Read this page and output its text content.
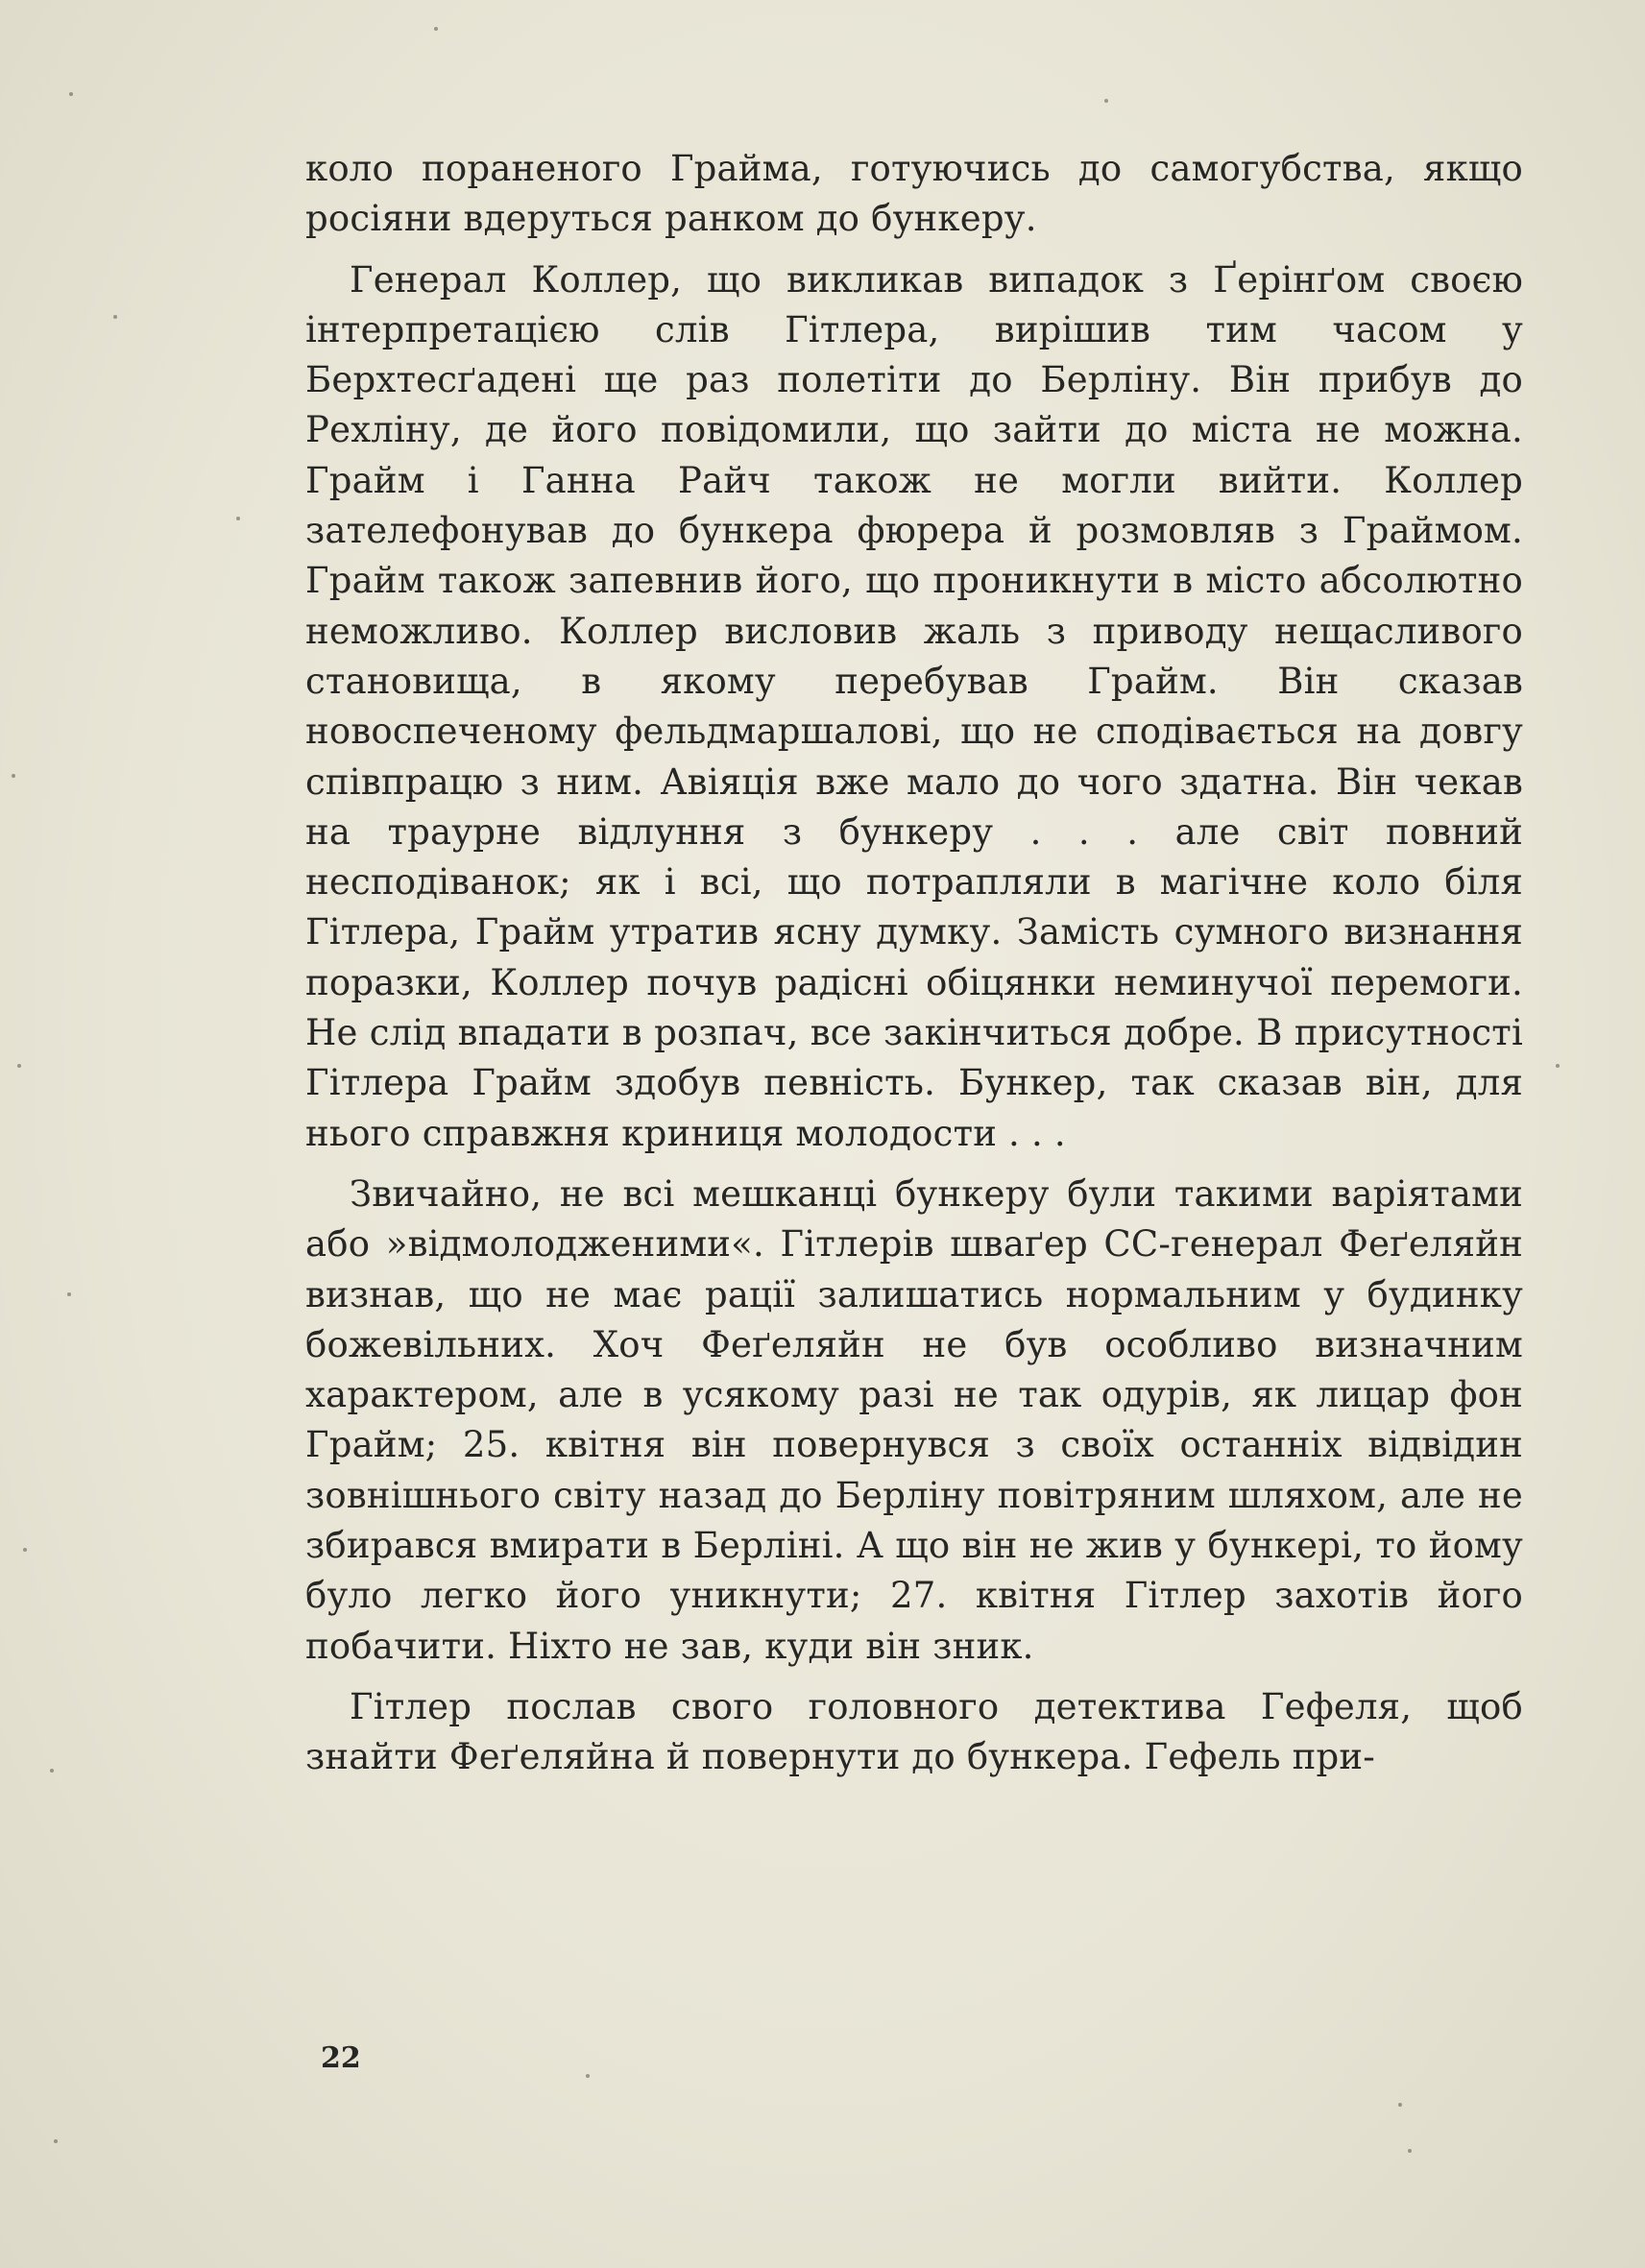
коло пораненого Грайма, готуючись до самогубства, якщо росіяни вдеруться ранком до бункеру.

Генерал Коллер, що викликав випадок з Ґерінґом своєю інтерпретацією слів Гітлера, вирішив тим часом у Берхтесґадені ще раз полетіти до Берліну. Він прибув до Рехліну, де його повідомили, що зайти до міста не можна. Грайм і Ганна Райч також не могли вийти. Коллер зателефонував до бункера фюрера й розмовляв з Граймом. Грайм також запевнив його, що проникнути в місто абсолютно неможливо. Коллер висловив жаль з приводу нещасливого становища, в якому перебував Грайм. Він сказав новоспеченому фельдмаршалові, що не сподівається на довгу співпрацю з ним. Авіяція вже мало до чого здатна. Він чекав на траурне відлуння з бункеру . . . але світ повний несподіванок; як і всі, що потрапляли в магічне коло біля Гітлера, Грайм утратив ясну думку. Замість сумного визнання поразки, Коллер почув радісні обіцянки неминучої перемоги. Не слід впадати в розпач, все закінчиться добре. В присутності Гітлера Грайм здобув певність. Бункер, так сказав він, для нього справжня криниця молодости . . .

Звичайно, не всі мешканці бункеру були такими варіятами або »відмолодженими«. Гітлерів шваґер СС-генерал Феґеляйн визнав, що не має рації залишатись нормальним у будинку божевільних. Хоч Феґеляйн не був особливо визначним характером, але в усякому разі не так одурів, як лицар фон Грайм; 25. квітня він повернувся з своїх останніх відвідин зовнішнього світу назад до Берліну повітряним шляхом, але не збирався вмирати в Берліні. А що він не жив у бункері, то йому було легко його уникнути; 27. квітня Гітлер захотів його побачити. Ніхто не зав, куди він зник.

Гітлер послав свого головного детектива Гефеля, щоб знайти Феґеляйна й повернути до бункера. Гефель при-

22
